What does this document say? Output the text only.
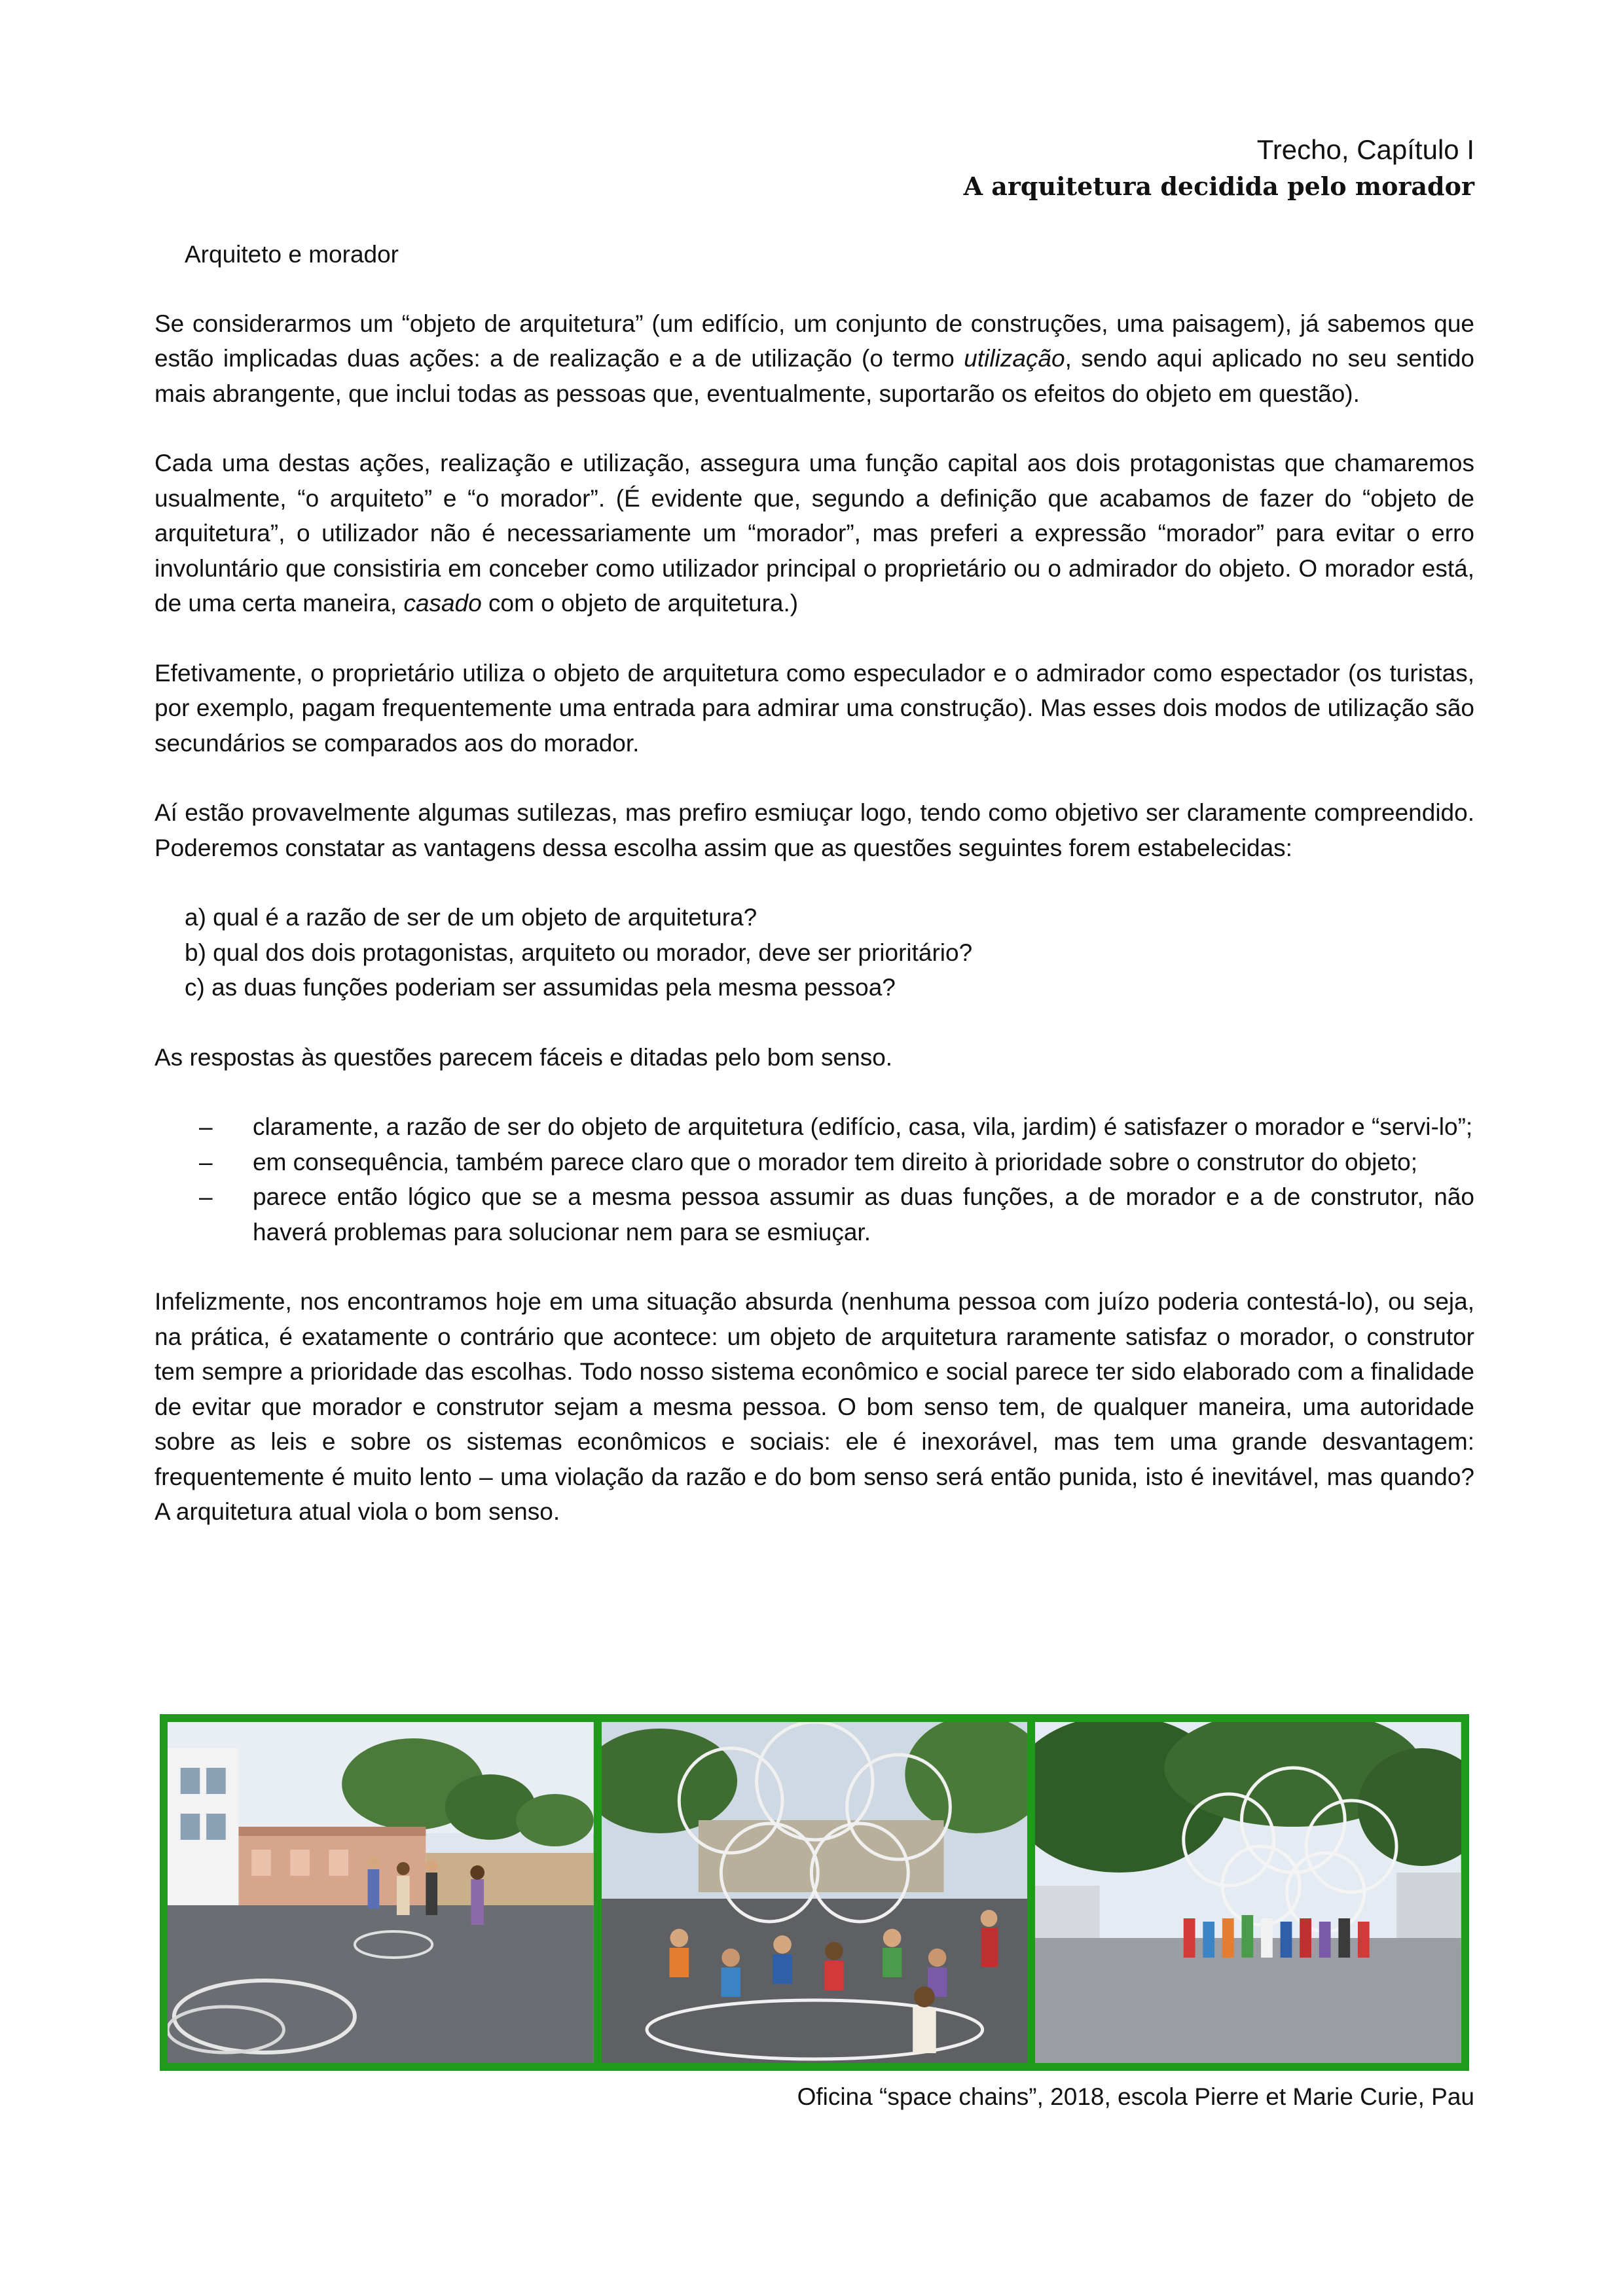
Trecho, Capítulo I
A arquitetura decidida pelo morador
Arquiteto e morador

Se considerarmos um “objeto de arquitetura” (um edifício, um conjunto de construções, uma paisagem), já sabemos que estão implicadas duas ações: a de realização e a de utilização (o termo utilização, sendo aqui aplicado no seu sentido mais abrangente, que inclui todas as pessoas que, eventualmente, suportarão os efeitos do objeto em questão).

Cada uma destas ações, realização e utilização, assegura uma função capital aos dois protagonistas que chamaremos usualmente, “o arquiteto” e “o morador”. (É evidente que, segundo a definição que acabamos de fazer do “objeto de arquitetura”, o utilizador não é necessariamente um “morador”, mas preferi a expressão “morador” para evitar o erro involuntário que consistiria em conceber como utilizador principal o proprietário ou o admirador do objeto. O morador está, de uma certa maneira, casado com o objeto de arquitetura.)

Efetivamente, o proprietário utiliza o objeto de arquitetura como especulador e o admirador como espectador (os turistas, por exemplo, pagam frequentemente uma entrada para admirar uma construção). Mas esses dois modos de utilização são secundários se comparados aos do morador.

Aí estão provavelmente algumas sutilezas, mas prefiro esmiuçar logo, tendo como objetivo ser claramente compreendido. Poderemos constatar as vantagens dessa escolha assim que as questões seguintes forem estabelecidas:

a) qual é a razão de ser de um objeto de arquitetura?
b) qual dos dois protagonistas, arquiteto ou morador, deve ser prioritário?
c) as duas funções poderiam ser assumidas pela mesma pessoa?

As respostas às questões parecem fáceis e ditadas pelo bom senso.

– claramente, a razão de ser do objeto de arquitetura (edifício, casa, vila, jardim) é satisfazer o morador e “servi-lo”;
– em consequência, também parece claro que o morador tem direito à prioridade sobre o construtor do objeto;
– parece então lógico que se a mesma pessoa assumir as duas funções, a de morador e a de construtor, não haverá problemas para solucionar nem para se esmiuçar.

Infelizmente, nos encontramos hoje em uma situação absurda (nenhuma pessoa com juízo poderia contestá-lo), ou seja, na prática, é exatamente o contrário que acontece: um objeto de arquitetura raramente satisfaz o morador, o construtor tem sempre a prioridade das escolhas. Todo nosso sistema econômico e social parece ter sido elaborado com a finalidade de evitar que morador e construtor sejam a mesma pessoa. O bom senso tem, de qualquer maneira, uma autoridade sobre as leis e sobre os sistemas econômicos e sociais: ele é inexorável, mas tem uma grande desvantagem: frequentemente é muito lento – uma violação da razão e do bom senso será então punida, isto é inevitável, mas quando? A arquitetura atual viola o bom senso.

Oficina “space chains”, 2018, escola Pierre et Marie Curie, Pau
